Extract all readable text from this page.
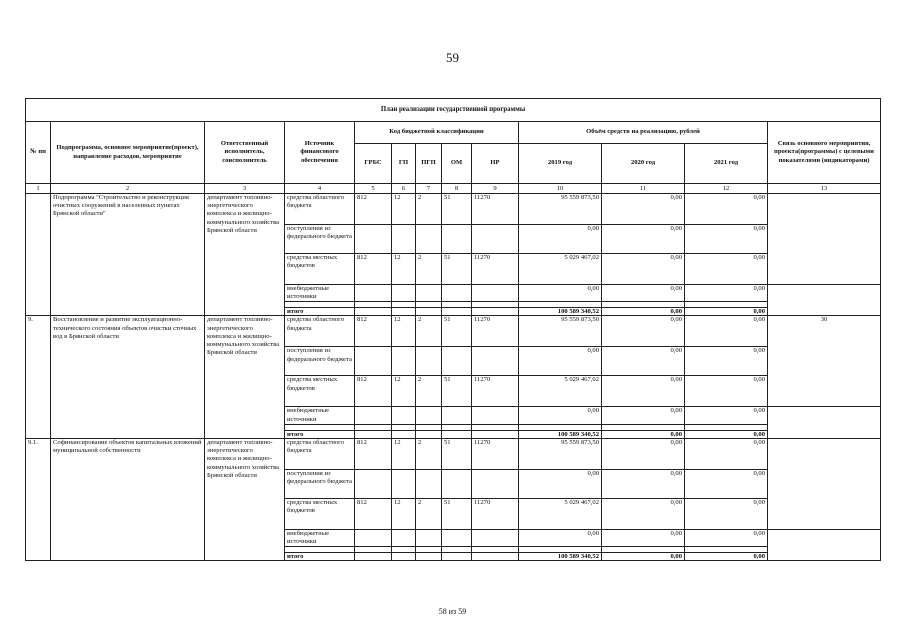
59
План реализации государственной программы												
№ пп	Подпрограмма, основное мероприятие(проект), направление расходов, мероприятие	Ответственный исполнитель, соисполнитель	Источник финансового обеспечения	Код бюджетной классификации					Объём средств на реализацию, рублей			Связь основного мероприятия, проекта(программы) с целевыми показателями (индикаторами)
				ГРБС	ГП	ПГП	ОМ	НР	2019 год	2020 год	2021 год	
1	2	3	4	5	6	7	8	9	10	11	12	13
	Подпрограмма "Строительство и реконструкция очистных сооружений в населенных пунктах Брянской области"	департамент топливно-энергетического комплекса и жилищно-коммунального хозяйства Брянской области	средства областного бюджета	812	12	2	51	11270	95 559 873,50	0,00	0,00	
			поступления из федерального бюджета						0,00	0,00	0,00	
			средства местных бюджетов	812	12	2	51	11270	5 029 467,02	0,00	0,00	
			внебюджетные источники						0,00	0,00	0,00	

			итого						100 589 340,52	0,00	0,00	
9.	Восстановление и развитие эксплуатационно-технического состояния объектов очистки сточных вод в Брянской области	департамент топливно-энергетического комплекса и жилищно-коммунального хозяйства Брянской области	средства областного бюджета	812	12	2	51	11270	95 559 873,50	0,00	0,00	30
			поступления из федерального бюджета						0,00	0,00	0,00	
			средства местных бюджетов	812	12	2	51	11270	5 029 467,02	0,00	0,00	
			внебюджетные источники						0,00	0,00	0,00	

			итого						100 589 340,52	0,00	0,00	
9.1.	Софинансирование объектов капитальных вложений муниципальной собственности	департамент топливно-энергетического комплекса и жилищно-коммунального хозяйства Брянской области	средства областного бюджета	812	12	2	51	11270	95 559 873,50	0,00	0,00	
			поступления из федерального бюджета						0,00	0,00	0,00	
			средства местных бюджетов	812	12	2	51	11270	5 029 467,02	0,00	0,00	
			внебюджетные источники						0,00	0,00	0,00	

			итого						100 589 340,52	0,00	0,00	
58 из 59
